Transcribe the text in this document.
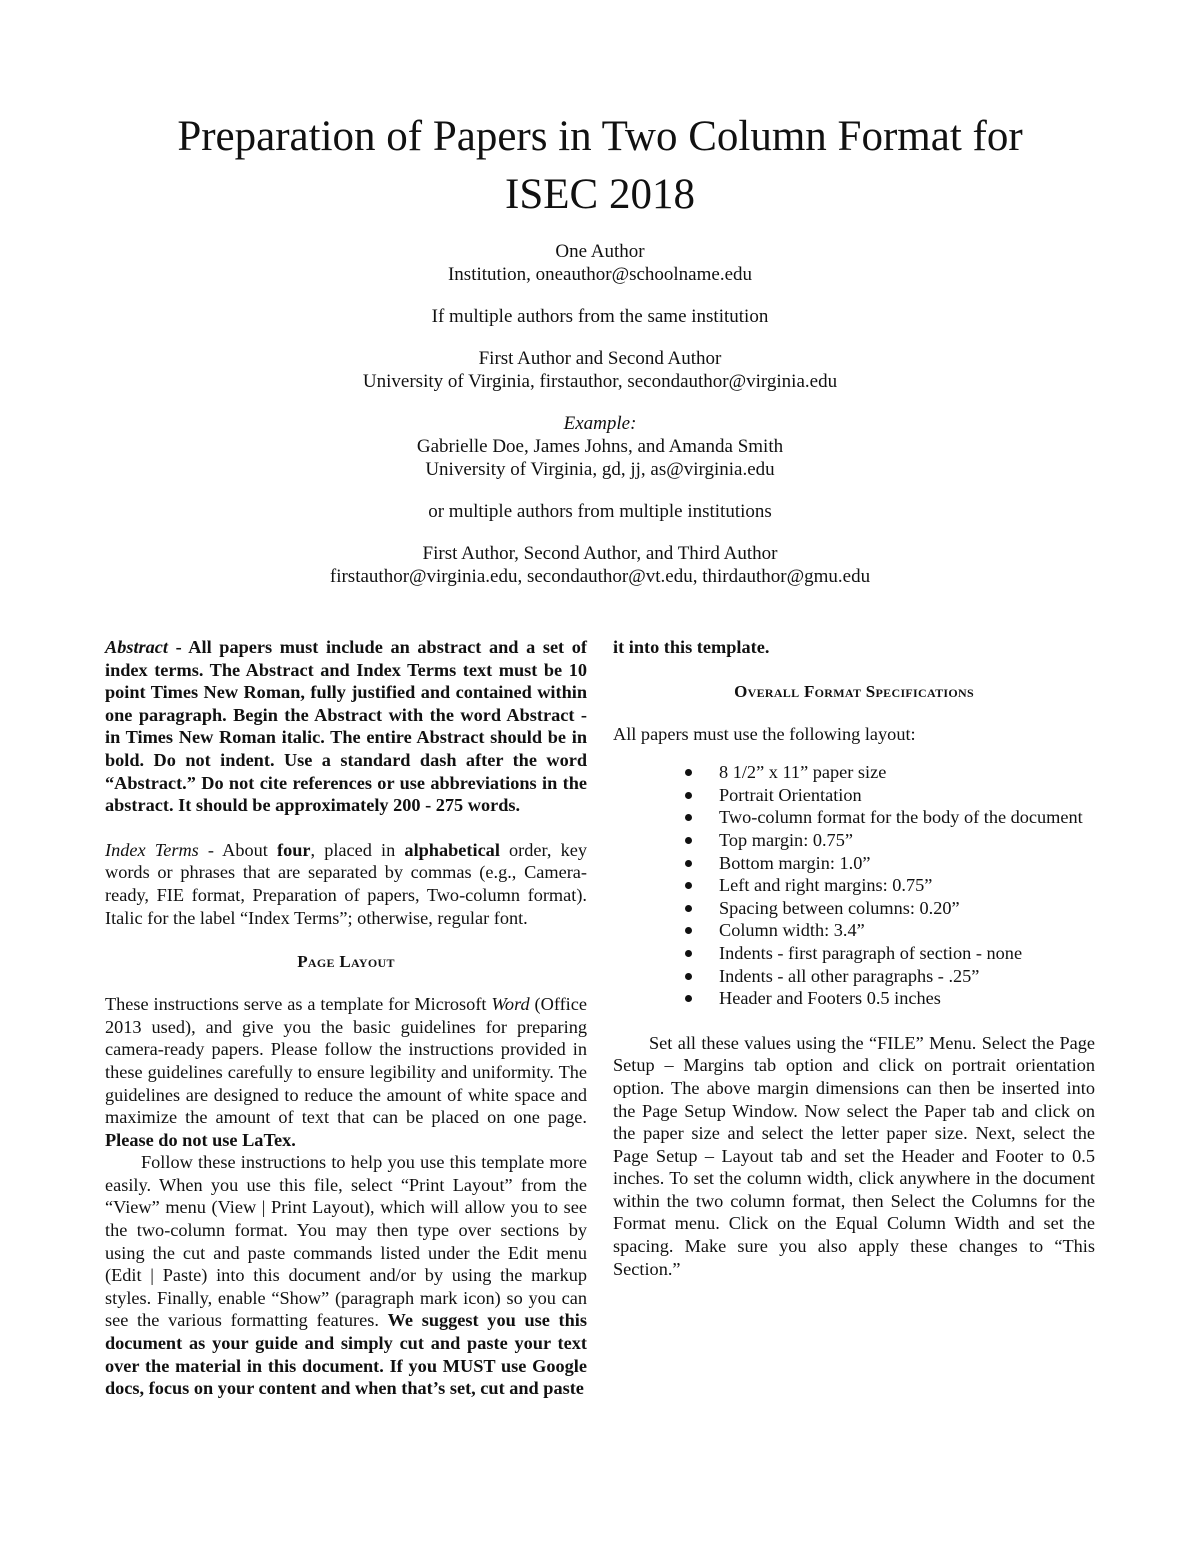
Preparation of Papers in Two Column Format for
ISEC 2018
One Author
Institution, oneauthor@schoolname.edu
If multiple authors from the same institution
First Author and Second Author
University of Virginia, firstauthor, secondauthor@virginia.edu
Example:
Gabrielle Doe, James Johns, and Amanda Smith
University of Virginia, gd, jj, as@virginia.edu
or multiple authors from multiple institutions
First Author, Second Author, and Third Author
firstauthor@virginia.edu, secondauthor@vt.edu, thirdauthor@gmu.edu

Abstract - All papers must include an abstract and a set of index terms. The Abstract and Index Terms text must be 10 point Times New Roman, fully justified and contained within one paragraph. Begin the Abstract with the word Abstract - in Times New Roman italic. The entire Abstract should be in bold. Do not indent. Use a standard dash after the word “Abstract.” Do not cite references or use abbreviations in the abstract. It should be approximately 200 - 275 words.

Index Terms - About four, placed in alphabetical order, key words or phrases that are separated by commas (e.g., Camera-ready, FIE format, Preparation of papers, Two-column format). Italic for the label “Index Terms”; otherwise, regular font.

Page Layout

These instructions serve as a template for Microsoft Word (Office 2013 used), and give you the basic guidelines for preparing camera-ready papers. Please follow the instructions provided in these guidelines carefully to ensure legibility and uniformity. The guidelines are designed to reduce the amount of white space and maximize the amount of text that can be placed on one page. Please do not use LaTex.

Follow these instructions to help you use this template more easily. When you use this file, select “Print Layout” from the “View” menu (View | Print Layout), which will allow you to see the two-column format. You may then type over sections by using the cut and paste commands listed under the Edit menu (Edit | Paste) into this document and/or by using the markup styles. Finally, enable “Show” (paragraph mark icon) so you can see the various formatting features. We suggest you use this document as your guide and simply cut and paste your text over the material in this document. If you MUST use Google docs, focus on your content and when that’s set, cut and paste

it into this template.

Overall Format Specifications

All papers must use the following layout:

8 1/2” x 11” paper size
Portrait Orientation
Two-column format for the body of the document
Top margin: 0.75”
Bottom margin: 1.0”
Left and right margins: 0.75”
Spacing between columns: 0.20”
Column width: 3.4”
Indents - first paragraph of section - none
Indents - all other paragraphs - .25”
Header and Footers 0.5 inches

Set all these values using the “FILE” Menu. Select the Page Setup – Margins tab option and click on portrait orientation option. The above margin dimensions can then be inserted into the Page Setup Window. Now select the Paper tab and click on the paper size and select the letter paper size. Next, select the Page Setup – Layout tab and set the Header and Footer to 0.5 inches. To set the column width, click anywhere in the document within the two column format, then Select the Columns for the Format menu. Click on the Equal Column Width and set the spacing. Make sure you also apply these changes to “This Section.”
